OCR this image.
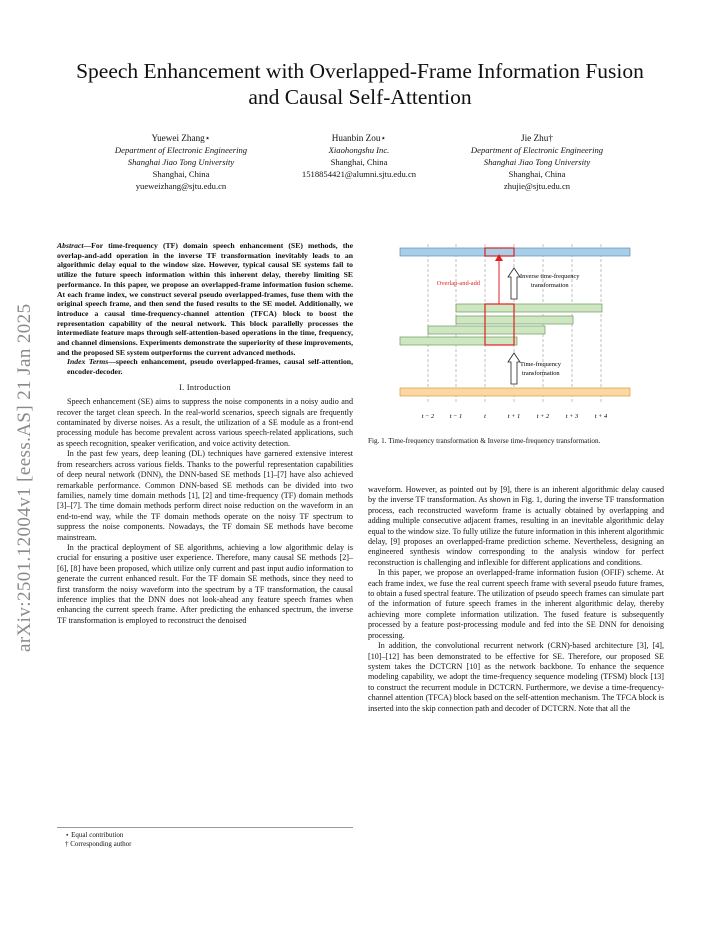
Speech Enhancement with Overlapped-Frame Information Fusion and Causal Self-Attention
Yuewei Zhang⋆
Department of Electronic Engineering
Shanghai Jiao Tong University
Shanghai, China
yueweizhang@sjtu.edu.cn
Huanbin Zou⋆
Xiaohongshu Inc.
Shanghai, China
1518854421@alumni.sjtu.edu.cn
Jie Zhu†
Department of Electronic Engineering
Shanghai Jiao Tong University
Shanghai, China
zhujie@sjtu.edu.cn
arXiv:2501.12004v1 [eess.AS] 21 Jan 2025
Abstract—For time-frequency (TF) domain speech enhancement (SE) methods, the overlap-and-add operation in the inverse TF transformation inevitably leads to an algorithmic delay equal to the window size. However, typical causal SE systems fail to utilize the future speech information within this inherent delay, thereby limiting SE performance. In this paper, we propose an overlapped-frame information fusion scheme. At each frame index, we construct several pseudo overlapped-frames, fuse them with the original speech frame, and then send the fused results to the SE model. Additionally, we introduce a causal time-frequency-channel attention (TFCA) block to boost the representation capability of the neural network. This block parallelly processes the intermediate feature maps through self-attention-based operations in the time, frequency, and channel dimensions. Experiments demonstrate the superiority of these improvements, and the proposed SE system outperforms the current advanced methods.
Index Terms—speech enhancement, pseudo overlapped-frames, causal self-attention, encoder-decoder.
I. Introduction

Speech enhancement (SE) aims to suppress the noise components in a noisy audio and recover the target clean speech. In the real-world scenarios, speech signals are frequently contaminated by diverse noises. As a result, the utilization of a SE module as a front-end processing module has become prevalent across various speech-related applications, such as speech recognition, speaker verification, and voice activity detection.

In the past few years, deep leaning (DL) techniques have garnered extensive interest from researchers across various fields. Thanks to the powerful representation capabilities of deep neural network (DNN), the DNN-based SE methods [1]–[7] have also achieved remarkable performance. Common DNN-based SE methods can be divided into two families, namely time domain methods [1], [2] and time-frequency (TF) domain methods [3]–[7]. The time domain methods perform direct noise reduction on the waveform in an end-to-end way, while the TF domain methods operate on the noisy TF spectrum to suppress the noise components. Nowadays, the TF domain SE methods have become mainstream.

In the practical deployment of SE algorithms, achieving a low algorithmic delay is crucial for ensuring a positive user experience. Therefore, many causal SE methods [2]–[6], [8] have been proposed, which utilize only current and past input audio information to generate the current enhanced result. For the TF domain SE methods, since they need to first transform the noisy waveform into the spectrum by a TF transformation, the causal inference implies that the DNN does not look-ahead any feature speech frames when enhancing the current speech frame. After predicting the enhanced spectrum, the inverse TF transformation is employed to reconstruct the denoised

⋆ Equal contribution
† Corresponding author
Overlap-and-add
Inverse time-frequency
transformation
Time-frequency
transformation
t − 2 t − 1	t	t + 1	t + 2	t + 3	t + 4
Fig. 1. Time-frequency transformation & Inverse time-frequency transformation.

waveform. However, as pointed out by [9], there is an inherent algorithmic delay caused by the inverse TF transformation. As shown in Fig. 1, during the inverse TF transformation process, each reconstructed waveform frame is actually obtained by overlapping and adding multiple consecutive adjacent frames, resulting in an inevitable algorithmic delay equal to the window size. To fully utilize the future information in this inherent algorithmic delay, [9] proposes an overlapped-frame prediction scheme. Nevertheless, designing an engineered synthesis window corresponding to the analysis window for perfect reconstruction is challenging and inflexible for different applications and conditions.

In this paper, we propose an overlapped-frame information fusion (OFIF) scheme. At each frame index, we fuse the real current speech frame with several pseudo future frames, to obtain a fused spectral feature. The utilization of pseudo speech frames can simulate part of the information of future speech frames in the inherent algorithmic delay, thereby achieving more complete information utilization. The fused feature is subsequently processed by a feature post-processing module and fed into the SE DNN for denoising processing.

In addition, the convolutional recurrent network (CRN)-based architecture [3], [4], [10]–[12] has been demonstrated to be effective for SE. Therefore, our proposed SE system takes the DCTCRN [10] as the network backbone. To enhance the sequence modeling capability, we adopt the time-frequency sequence modeling (TFSM) block [13] to construct the recurrent module in DCTCRN. Furthermore, we devise a time-frequency-channel attention (TFCA) block based on the self-attention mechanism. The TFCA block is inserted into the skip connection path and decoder of DCTCRN. Note that all the
